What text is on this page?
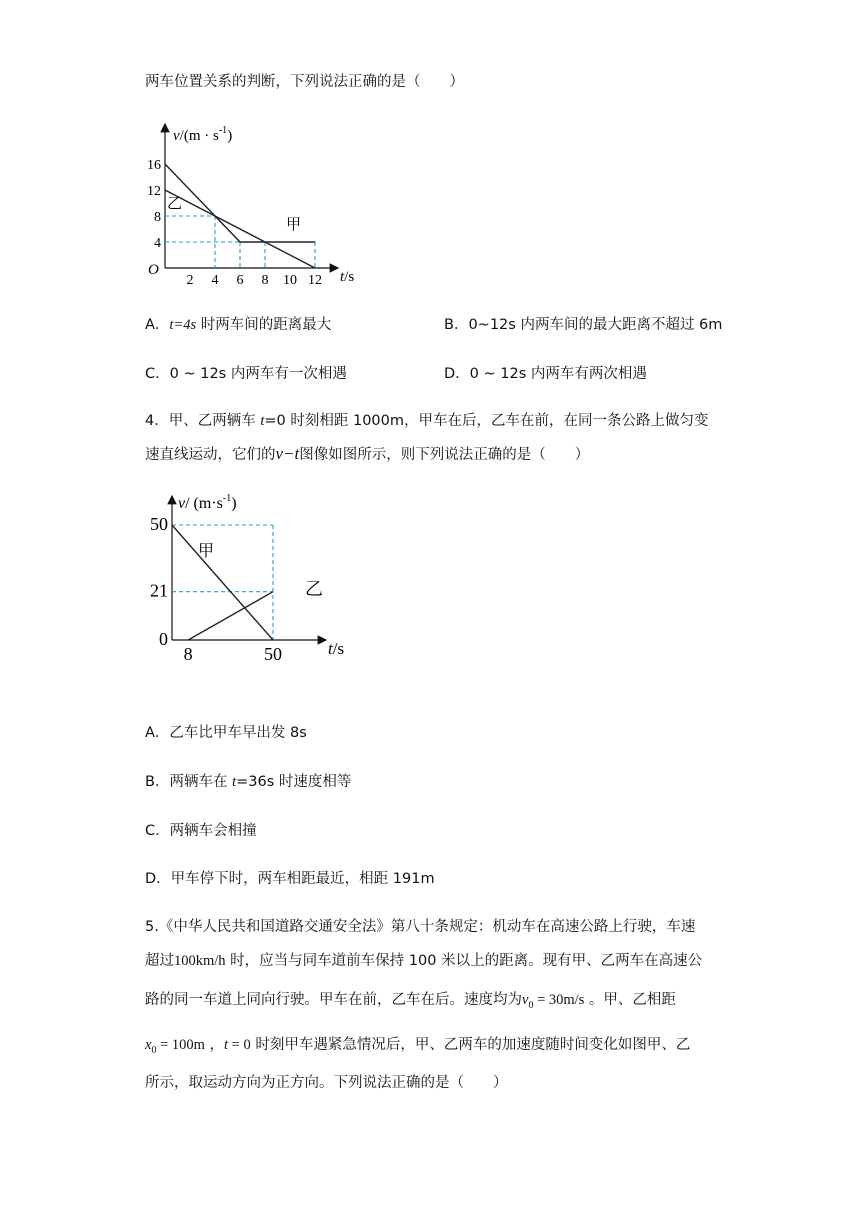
两车位置关系的判断，下列说法正确的是（　　）
$v/(m \cdot s^{-1})$
t/s
O
4
8
12
16
2 4 6 8 10 12
甲
乙
A．t=4s 时两车间的距离最大	B．0~12s 内两车间的最大距离不超过 6m
C．0 ~ 12s 内两车有一次相遇	D．0 ~ 12s 内两车有两次相遇
4．甲、乙两辆车 t=0 时刻相距 1000m，甲车在后，乙车在前，在同一条公路上做匀变
速直线运动，它们的v−t图像如图所示，则下列说法正确的是（　　）
v/ $(m\cdot s^{-1})$
t/s
0
21
50
8	50
甲
乙
A．乙车比甲车早出发 8s
B．两辆车在 t=36s 时速度相等
C．两辆车会相撞
D．甲车停下时，两车相距最近，相距 191m
5.《中华人民共和国道路交通安全法》第八十条规定：机动车在高速公路上行驶，车速
超过100km/h 时，应当与同车道前车保持 100 米以上的距离。现有甲、乙两车在高速公
路的同一车道上同向行驶。甲车在前，乙车在后。速度均为$v_0 = 30m/s$ 。甲、乙相距
$x_0 = 100m$ ，t = 0 时刻甲车遇紧急情况后，甲、乙两车的加速度随时间变化如图甲、乙
所示，取运动方向为正方向。下列说法正确的是（　　）
